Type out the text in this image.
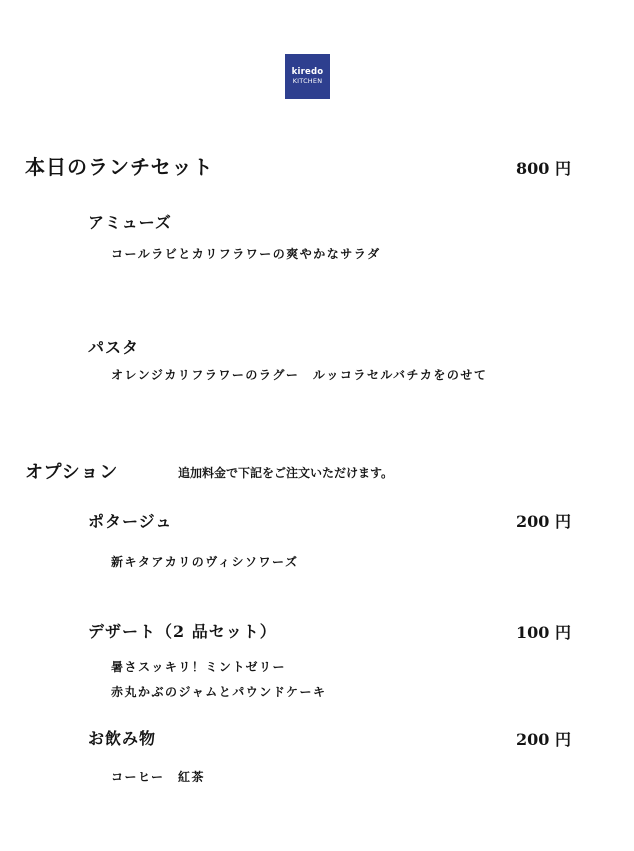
kiredo
KITCHEN
本日のランチセット	800 円
アミューズ
コールラビとカリフラワーの爽やかなサラダ
パスタ
オレンジカリフラワーのラグー　ルッコラセルバチカをのせて
オプション	追加料金で下記をご注文いただけます。
ポタージュ	200 円
新キタアカリのヴィシソワーズ
デザート（2 品セット）	100 円
暑さスッキリ！ミントゼリー
赤丸かぶのジャムとパウンドケーキ
お飲み物	200 円
コーヒー　紅茶
